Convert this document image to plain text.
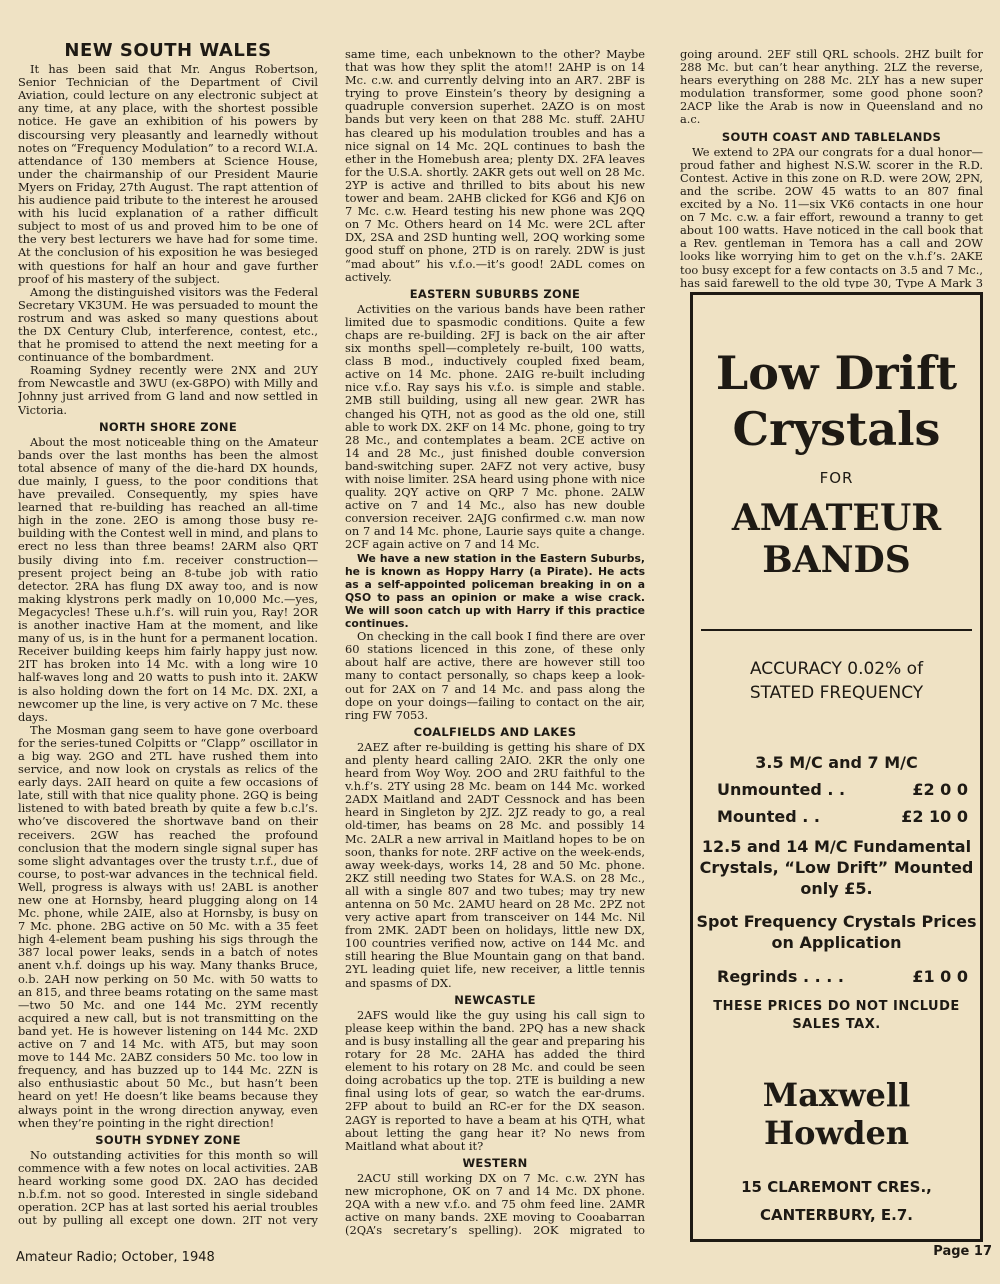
NEW SOUTH WALES

It has been said that Mr. Angus Robertson, Senior Technician of the Department of Civil Aviation, could lecture on any electronic subject at any time, at any place, with the shortest possible notice. He gave an exhibition of his powers by discoursing very pleasantly and learnedly without notes on “Frequency Modulation” to a record W.I.A. attendance of 130 members at Science House, under the chairmanship of our President Maurie Myers on Friday, 27th August. The rapt attention of his audience paid tribute to the interest he aroused with his lucid explanation of a rather difficult subject to most of us and proved him to be one of the very best lecturers we have had for some time. At the conclusion of his exposition he was besieged with questions for half an hour and gave further proof of his mastery of the subject.

Among the distinguished visitors was the Federal Secretary VK3UM. He was persuaded to mount the rostrum and was asked so many questions about the DX Century Club, interference, contest, etc., that he promised to attend the next meeting for a continuance of the bombardment.

Roaming Sydney recently were 2NX and 2UY from Newcastle and 3WU (ex-G8PO) with Milly and Johnny just arrived from G land and now settled in Victoria.

NORTH SHORE ZONE

About the most noticeable thing on the Amateur bands over the last months has been the almost total absence of many of the die-hard DX hounds, due mainly, I guess, to the poor conditions that have prevailed. Consequently, my spies have learned that re-building has reached an all-time high in the zone. 2EO is among those busy re-building with the Contest well in mind, and plans to erect no less than three beams! 2ARM also QRT busily diving into f.m. receiver construction—present project being an 8-tube job with ratio detector. 2RA has flung DX away too, and is now making klystrons perk madly on 10,000 Mc.—yes, Megacycles! These u.h.f’s. will ruin you, Ray! 2OR is another inactive Ham at the moment, and like many of us, is in the hunt for a permanent location. Receiver building keeps him fairly happy just now. 2IT has broken into 14 Mc. with a long wire 10 half-waves long and 20 watts to push into it. 2AKW is also holding down the fort on 14 Mc. DX. 2XI, a newcomer up the line, is very active on 7 Mc. these days.

The Mosman gang seem to have gone overboard for the series-tuned Colpitts or “Clapp” oscillator in a big way. 2GO and 2TL have rushed them into service, and now look on crystals as relics of the early days. 2AII heard on quite a few occasions of late, still with that nice quality phone. 2GQ is being listened to with bated breath by quite a few b.c.l’s. who’ve discovered the shortwave band on their receivers. 2GW has reached the profound conclusion that the modern single signal super has some slight advantages over the trusty t.r.f., due of course, to post-war advances in the technical field. Well, progress is always with us! 2ABL is another new one at Hornsby, heard plugging along on 14 Mc. phone, while 2AIE, also at Hornsby, is busy on 7 Mc. phone. 2BG active on 50 Mc. with a 35 feet high 4-element beam pushing his sigs through the 387 local power leaks, sends in a batch of notes anent v.h.f. doings up his way. Many thanks Bruce, o.b. 2AH now perking on 50 Mc. with 50 watts to an 815, and three beams rotating on the same mast—two 50 Mc. and one 144 Mc. 2YM recently acquired a new call, but is not transmitting on the band yet. He is however listening on 144 Mc. 2XD active on 7 and 14 Mc. with AT5, but may soon move to 144 Mc. 2ABZ considers 50 Mc. too low in frequency, and has buzzed up to 144 Mc. 2ZN is also enthusiastic about 50 Mc., but hasn’t been heard on yet! He doesn’t like beams because they always point in the wrong direction anyway, even when they’re pointing in the right direction!

SOUTH SYDNEY ZONE

No outstanding activities for this month so will commence with a few notes on local activities. 2AB heard working some good DX. 2AO has decided n.b.f.m. not so good. Interested in single sideband operation. 2CP has at last sorted his aerial troubles out by pulling all except one down. 2IT not very

same time, each unbeknown to the other? Maybe that was how they split the atom!! 2AHP is on 14 Mc. c.w. and currently delving into an AR7. 2BF is trying to prove Einstein’s theory by designing a quadruple conversion superhet. 2AZO is on most bands but very keen on that 288 Mc. stuff. 2AHU has cleared up his modulation troubles and has a nice signal on 14 Mc. 2QL continues to bash the ether in the Homebush area; plenty DX. 2FA leaves for the U.S.A. shortly. 2AKR gets out well on 28 Mc. 2YP is active and thrilled to bits about his new tower and beam. 2AHB clicked for KG6 and KJ6 on 7 Mc. c.w. Heard testing his new phone was 2QQ on 7 Mc. Others heard on 14 Mc. were 2CL after DX, 2SA and 2SD hunting well, 2OQ working some good stuff on phone, 2TD is on rarely. 2DW is just “mad about” his v.f.o.—it’s good! 2ADL comes on actively.

EASTERN SUBURBS ZONE

Activities on the various bands have been rather limited due to spasmodic conditions. Quite a few chaps are re-building. 2FJ is back on the air after six months spell—completely re-built, 100 watts, class B mod., inductively coupled fixed beam, active on 14 Mc. phone. 2AIG re-built including nice v.f.o. Ray says his v.f.o. is simple and stable. 2MB still building, using all new gear. 2WR has changed his QTH, not as good as the old one, still able to work DX. 2KF on 14 Mc. phone, going to try 28 Mc., and contemplates a beam. 2CE active on 14 and 28 Mc., just finished double conversion band-switching super. 2AFZ not very active, busy with noise limiter. 2SA heard using phone with nice quality. 2QY active on QRP 7 Mc. phone. 2ALW active on 7 and 14 Mc., also has new double conversion receiver. 2AJG confirmed c.w. man now on 7 and 14 Mc. phone, Laurie says quite a change. 2CF again active on 7 and 14 Mc.

We have a new station in the Eastern Suburbs, he is known as Hoppy Harry (a Pirate). He acts as a self-appointed policeman breaking in on a QSO to pass an opinion or make a wise crack. We will soon catch up with Harry if this practice continues.

On checking in the call book I find there are over 60 stations licenced in this zone, of these only about half are active, there are however still too many to contact personally, so chaps keep a look-out for 2AX on 7 and 14 Mc. and pass along the dope on your doings—failing to contact on the air, ring FW 7053.

COALFIELDS AND LAKES

2AEZ after re-building is getting his share of DX and plenty heard calling 2AIO. 2KR the only one heard from Woy Woy. 2OO and 2RU faithful to the v.h.f’s. 2TY using 28 Mc. beam on 144 Mc. worked 2ADX Maitland and 2ADT Cessnock and has been heard in Singleton by 2JZ. 2JZ ready to go, a real old-timer, has beams on 28 Mc. and possibly 14 Mc. 2ALR a new arrival in Maitland hopes to be on soon, thanks for note. 2RF active on the week-ends, away week-days, works 14, 28 and 50 Mc. phone. 2KZ still needing two States for W.A.S. on 28 Mc., all with a single 807 and two tubes; may try new antenna on 50 Mc. 2AMU heard on 28 Mc. 2PZ not very active apart from transceiver on 144 Mc. Nil from 2MK. 2ADT been on holidays, little new DX, 100 countries verified now, active on 144 Mc. and still hearing the Blue Mountain gang on that band. 2YL leading quiet life, new receiver, a little tennis and spasms of DX.

NEWCASTLE

2AFS would like the guy using his call sign to please keep within the band. 2PQ has a new shack and is busy installing all the gear and preparing his rotary for 28 Mc. 2AHA has added the third element to his rotary on 28 Mc. and could be seen doing acrobatics up the top. 2TE is building a new final using lots of gear, so watch the ear-drums. 2FP about to build an RC-er for the DX season. 2AGY is reported to have a beam at his QTH, what about letting the gang hear it? No news from Maitland what about it?

WESTERN

2ACU still working DX on 7 Mc. c.w. 2YN has new microphone, OK on 7 and 14 Mc. DX phone. 2QA with a new v.f.o. and 75 ohm feed line. 2AMR active on many bands. 2XE moving to Cooabarran (2QA’s secretary’s spelling). 2OK migrated to

going around. 2EF still QRL schools. 2HZ built for 288 Mc. but can’t hear anything. 2LZ the reverse, hears everything on 288 Mc. 2LY has a new super modulation transformer, some good phone soon? 2ACP like the Arab is now in Queensland and no a.c.

SOUTH COAST AND TABLELANDS

We extend to 2PA our congrats for a dual honor—proud father and highest N.S.W. scorer in the R.D. Contest. Active in this zone on R.D. were 2OW, 2PN, and the scribe. 2OW 45 watts to an 807 final excited by a No. 11—six VK6 contacts in one hour on 7 Mc. c.w. a fair effort, rewound a tranny to get about 100 watts. Have noticed in the call book that a Rev. gentleman in Temora has a call and 2OW looks like worrying him to get on the v.h.f’s. 2AKE too busy except for a few contacts on 3.5 and 7 Mc., has said farewell to the old type 30, Type A Mark 3

Low Drift
Crystals
FOR
AMATEUR
BANDS
ACCURACY 0.02% of
STATED FREQUENCY
3.5 M/C and 7 M/C
Unmounted . .	£2 0 0
Mounted . .	£2 10 0
12.5 and 14 M/C Fundamental Crystals, “Low Drift” Mounted only £5.
Spot Frequency Crystals Prices on Application
Regrinds . . . .	£1 0 0
THESE PRICES DO NOT INCLUDE SALES TAX.
Maxwell Howden
15 CLAREMONT CRES.,
CANTERBURY, E.7.
Amateur Radio; October, 1948	Page 17
